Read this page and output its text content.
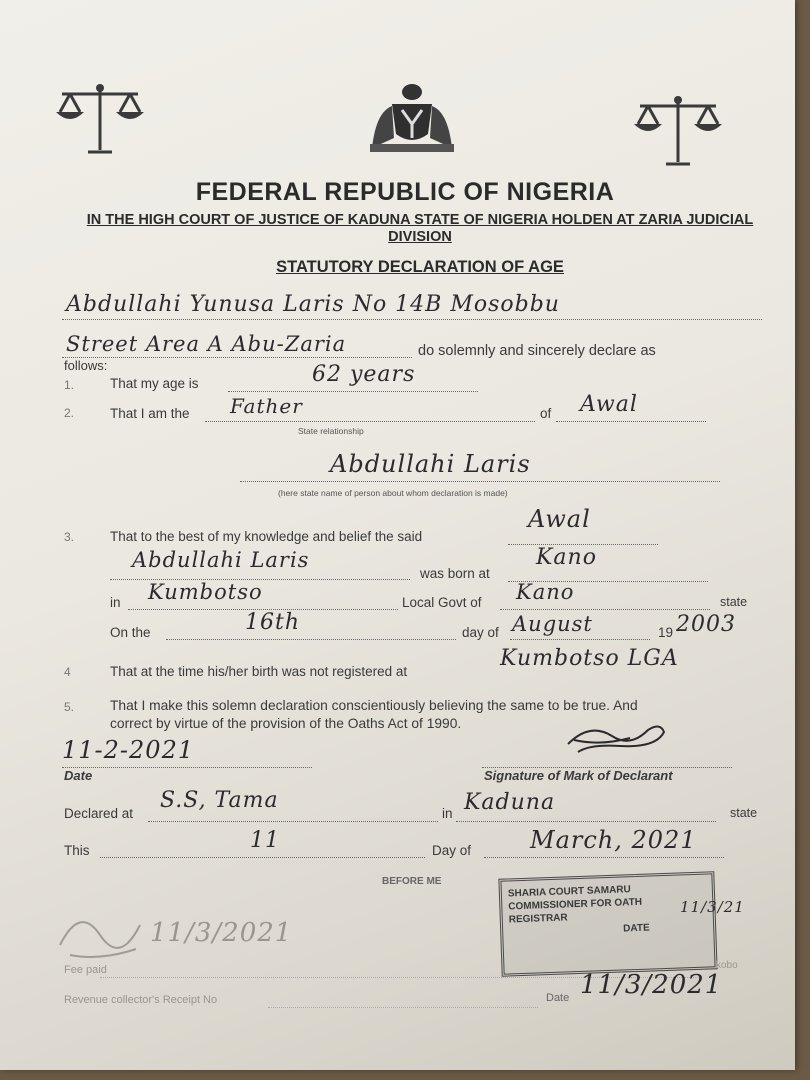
FEDERAL REPUBLIC OF NIGERIA
IN THE HIGH COURT OF JUSTICE OF KADUNA STATE OF NIGERIA HOLDEN AT ZARIA JUDICIAL DIVISION
STATUTORY DECLARATION OF AGE
Abdullahi Yunusa Laris No 14B Mosobbu
Street Area A Abu-Zaria	do solemnly and sincerely declare as
follows:
1.	That my age is	62 years
2.	That I am the Father	of Awal
State relationship
Abdullahi Laris
(here state name of person about whom declaration is made)
3.	That to the best of my knowledge and belief the said
Awal
Abdullahi Laris
was born at
Kano
in Kumbotso	Local Govt of Kano	state
On the	16th	day of August	19 2003
4	That at the time his/her birth was not registered at
Kumbotso LGA
5.	That I make this solemn declaration conscientiously believing the same to be true. And
correct by virtue of the provision of the Oaths Act of 1990.
11-2-2021
Date	Signature of Mark of Declarant
Declared at
S.S, Tama
in Kaduna	state
This	11	Day of March, 2021
BEFORE ME
SHARIA COURT SAMARU
COMMISSIONER FOR OATH
REGISTRAR
DATE
11/3/21
11/3/2021
Fee paid	kobo
Revenue collector's Receipt No	Date 11/3/2021
